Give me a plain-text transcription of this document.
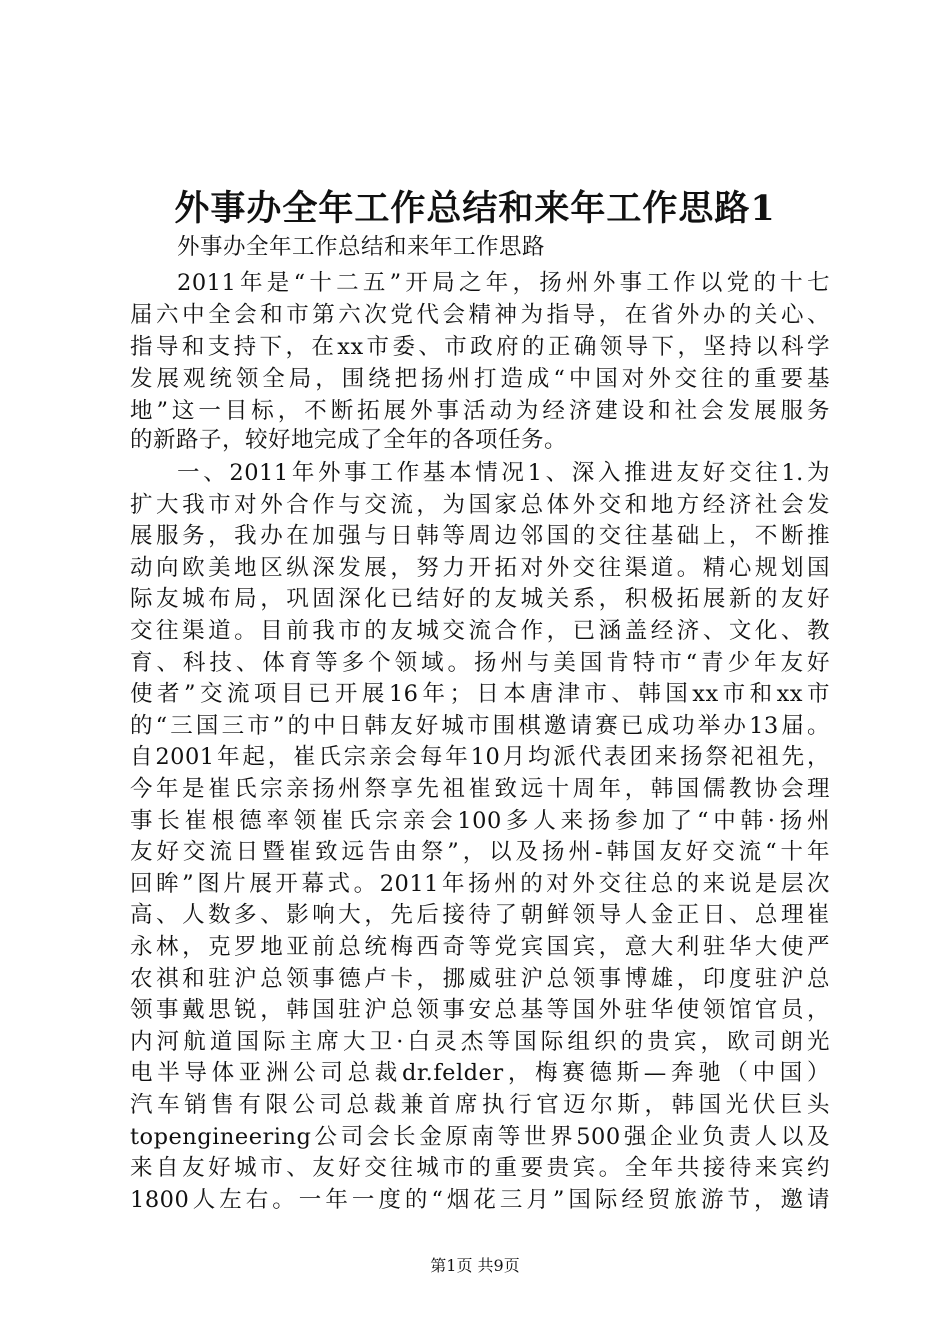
外事办全年工作总结和来年工作思路1

外事办全年工作总结和来年工作思路

2011年是“十二五”开局之年，扬州外事工作以党的十七

届六中全会和市第六次党代会精神为指导，在省外办的关心、

指导和支持下，在xx市委、市政府的正确领导下，坚持以科学

发展观统领全局，围绕把扬州打造成“中国对外交往的重要基

地”这一目标，不断拓展外事活动为经济建设和社会发展服务

的新路子，较好地完成了全年的各项任务。

一、2011年外事工作基本情况1、深入推进友好交往1.为

扩大我市对外合作与交流，为国家总体外交和地方经济社会发

展服务，我办在加强与日韩等周边邻国的交往基础上，不断推

动向欧美地区纵深发展，努力开拓对外交往渠道。精心规划国

际友城布局，巩固深化已结好的友城关系，积极拓展新的友好

交往渠道。目前我市的友城交流合作，已涵盖经济、文化、教

育、科技、体育等多个领域。扬州与美国肯特市“青少年友好

使者”交流项目已开展16年；日本唐津市、韩国xx市和xx市

的“三国三市”的中日韩友好城市围棋邀请赛已成功举办13届。

自2001年起，崔氏宗亲会每年10月均派代表团来扬祭祀祖先，

今年是崔氏宗亲扬州祭享先祖崔致远十周年，韩国儒教协会理

事长崔根德率领崔氏宗亲会100多人来扬参加了“中韩·扬州

友好交流日暨崔致远告由祭”，以及扬州-韩国友好交流“十年

回眸”图片展开幕式。2011年扬州的对外交往总的来说是层次

高、人数多、影响大，先后接待了朝鲜领导人金正日、总理崔

永林，克罗地亚前总统梅西奇等党宾国宾，意大利驻华大使严

农祺和驻沪总领事德卢卡，挪威驻沪总领事博雄，印度驻沪总

领事戴思锐，韩国驻沪总领事安总基等国外驻华使领馆官员，

内河航道国际主席大卫·白灵杰等国际组织的贵宾，欧司朗光

电半导体亚洲公司总裁dr.felder，梅赛德斯—奔驰（中国）

汽车销售有限公司总裁兼首席执行官迈尔斯，韩国光伏巨头

topengineering公司会长金原南等世界500强企业负责人以及

来自友好城市、友好交往城市的重要贵宾。全年共接待来宾约

1800人左右。一年一度的“烟花三月”国际经贸旅游节，邀请

第1页 共9页
